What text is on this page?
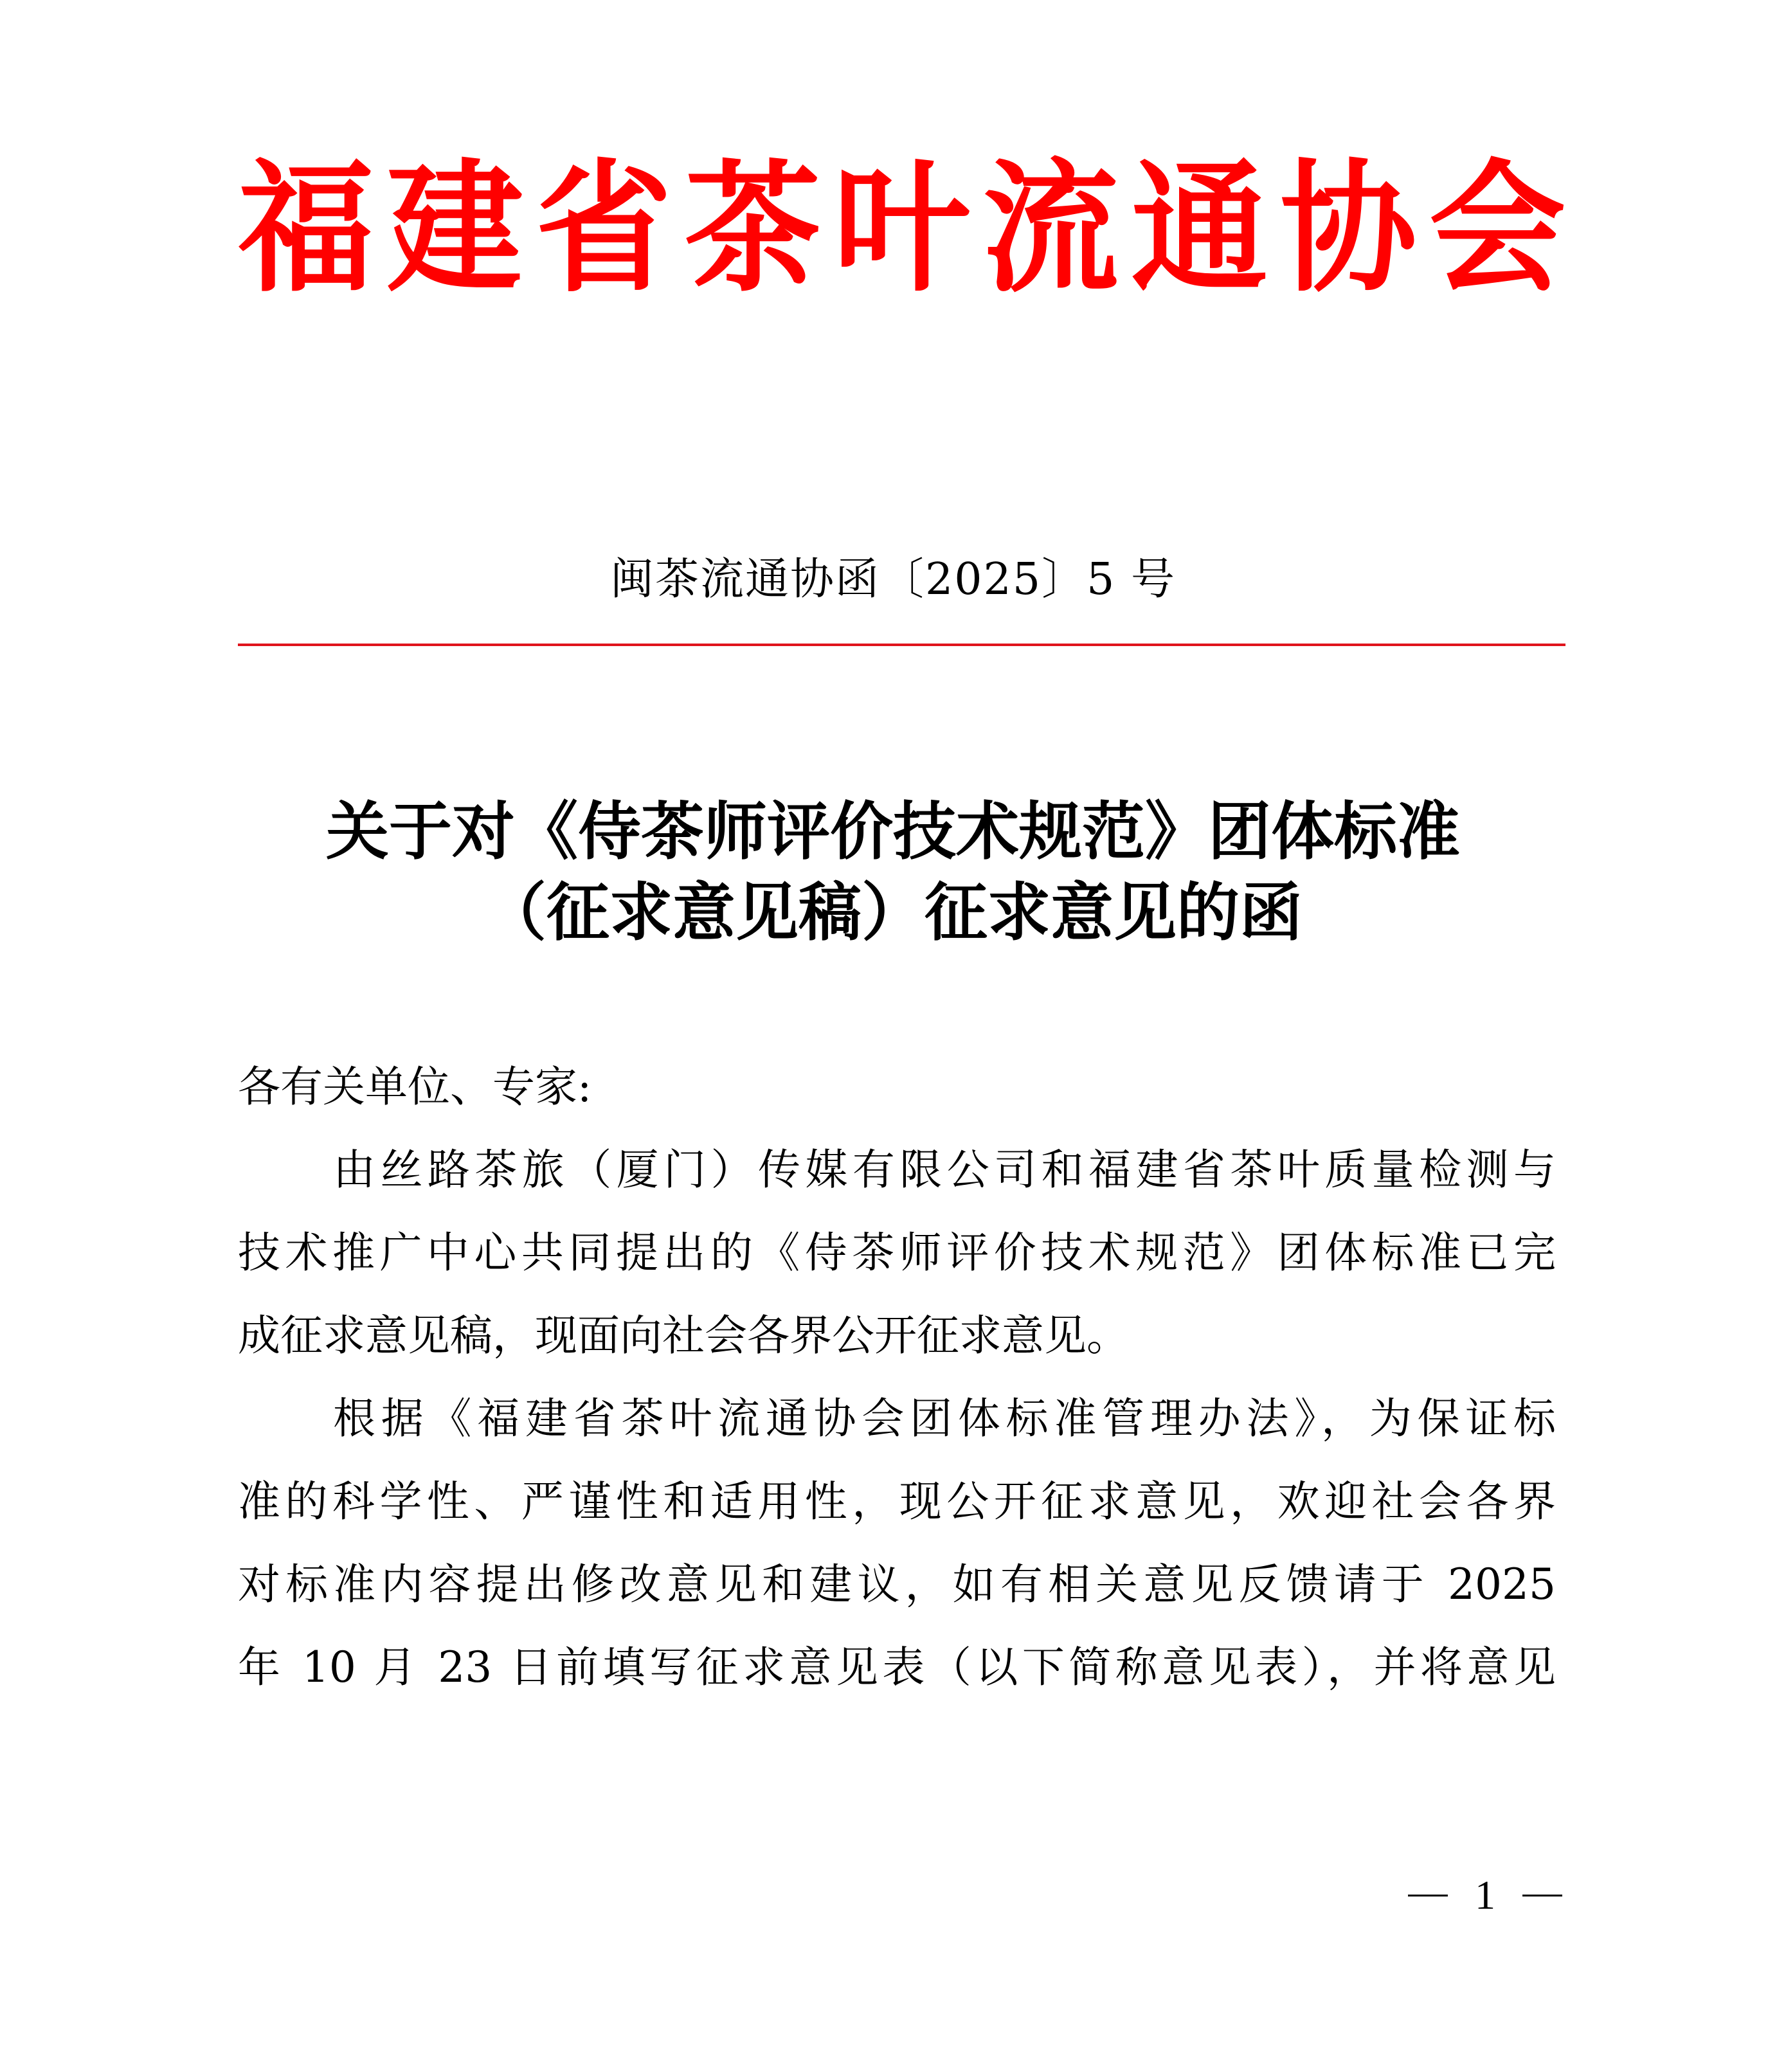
福 建 省 茶 叶 流 通 协 会
闽茶流通协函〔2025〕5 号
关于对《侍茶师评价技术规范》团体标准
（征求意见稿）征求意见的函
各有关单位、专家:
由丝路茶旅（厦门）传媒有限公司和福建省茶叶质量检测与
技术推广中心共同提出的《侍茶师评价技术规范》团体标准已完
成征求意见稿，现面向社会各界公开征求意见。
根据《福建省茶叶流通协会团体标准管理办法》，为保证标
准的科学性、严谨性和适用性，现公开征求意见，欢迎社会各界
对标准内容提出修改意见和建议，如有相关意见反馈请于 2025
年 10 月 23 日前填写征求意见表（以下简称意见表），并将意见
1
